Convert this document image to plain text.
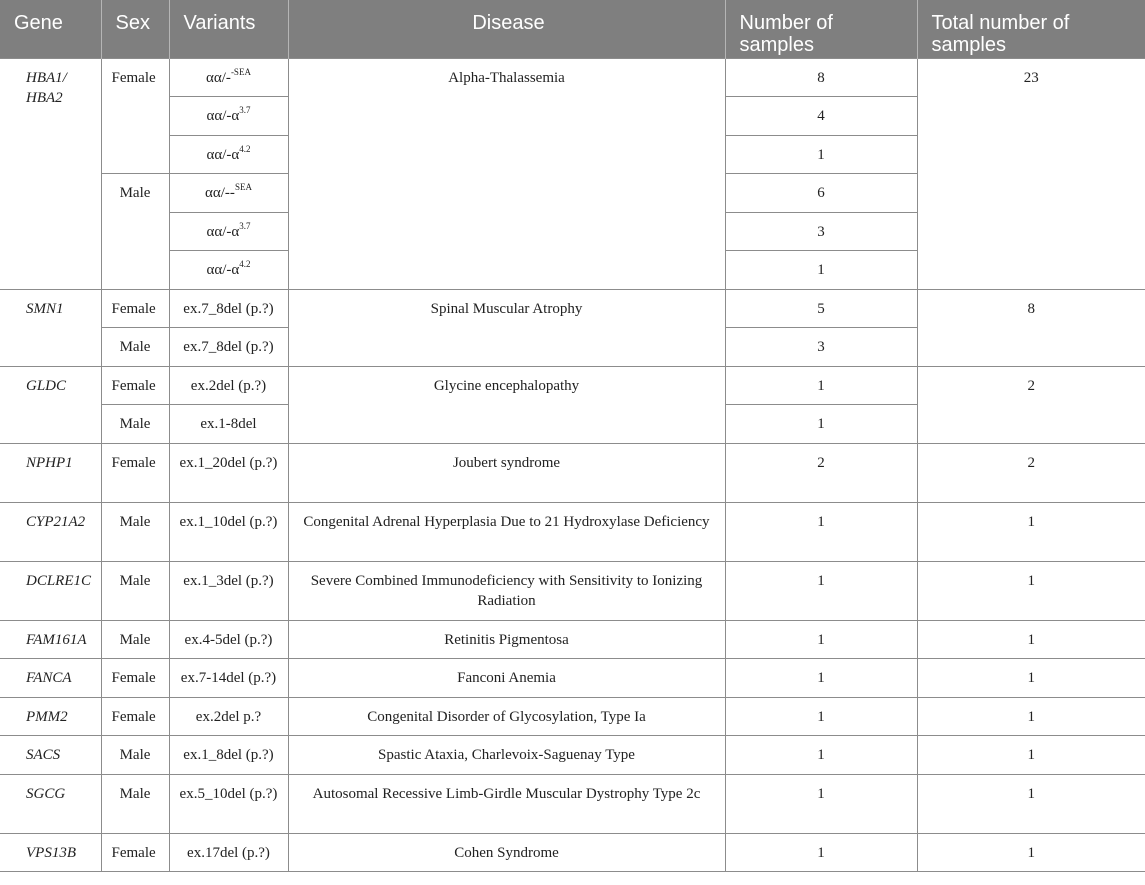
Gene	Sex	Variants	Disease	Number of samples	Total number of samples
HBA1/ HBA2	Female	αα/-$^{-SEA}$	Alpha-Thalassemia	8	23
		$\alpha\alpha/-\alpha^{3.7}$		4	
		$\alpha\alpha/-\alpha^{4.2}$		1	
	Male	αα/--$^{SEA}$		6	
		$\alpha\alpha/-\alpha^{3.7}$		3	
		$\alpha\alpha/-\alpha^{4.2}$		1	
SMN1	Female	ex.7_8del (p.?)	Spinal Muscular Atrophy	5	8
	Male	ex.7_8del (p.?)		3	
GLDC	Female	ex.2del (p.?)	Glycine encephalopathy	1	2
	Male	ex.1-8del		1	
NPHP1	Female	ex.1_20del (p.?)	Joubert syndrome	2	2
CYP21A2	Male	ex.1_10del (p.?)	Congenital Adrenal Hyperplasia Due to 21 Hydroxylase Deficiency	1	1
DCLRE1C	Male	ex.1_3del (p.?)	Severe Combined Immunodeficiency with Sensitivity to Ionizing Radiation	1	1
FAM161A	Male	ex.4-5del (p.?)	Retinitis Pigmentosa	1	1
FANCA	Female	ex.7-14del (p.?)	Fanconi Anemia	1	1
PMM2	Female	ex.2del p.?	Congenital Disorder of Glycosylation, Type Ia	1	1
SACS	Male	ex.1_8del (p.?)	Spastic Ataxia, Charlevoix-Saguenay Type	1	1
SGCG	Male	ex.5_10del (p.?)	Autosomal Recessive Limb-Girdle Muscular Dystrophy Type 2c	1	1
VPS13B	Female	ex.17del (p.?)	Cohen Syndrome	1	1
